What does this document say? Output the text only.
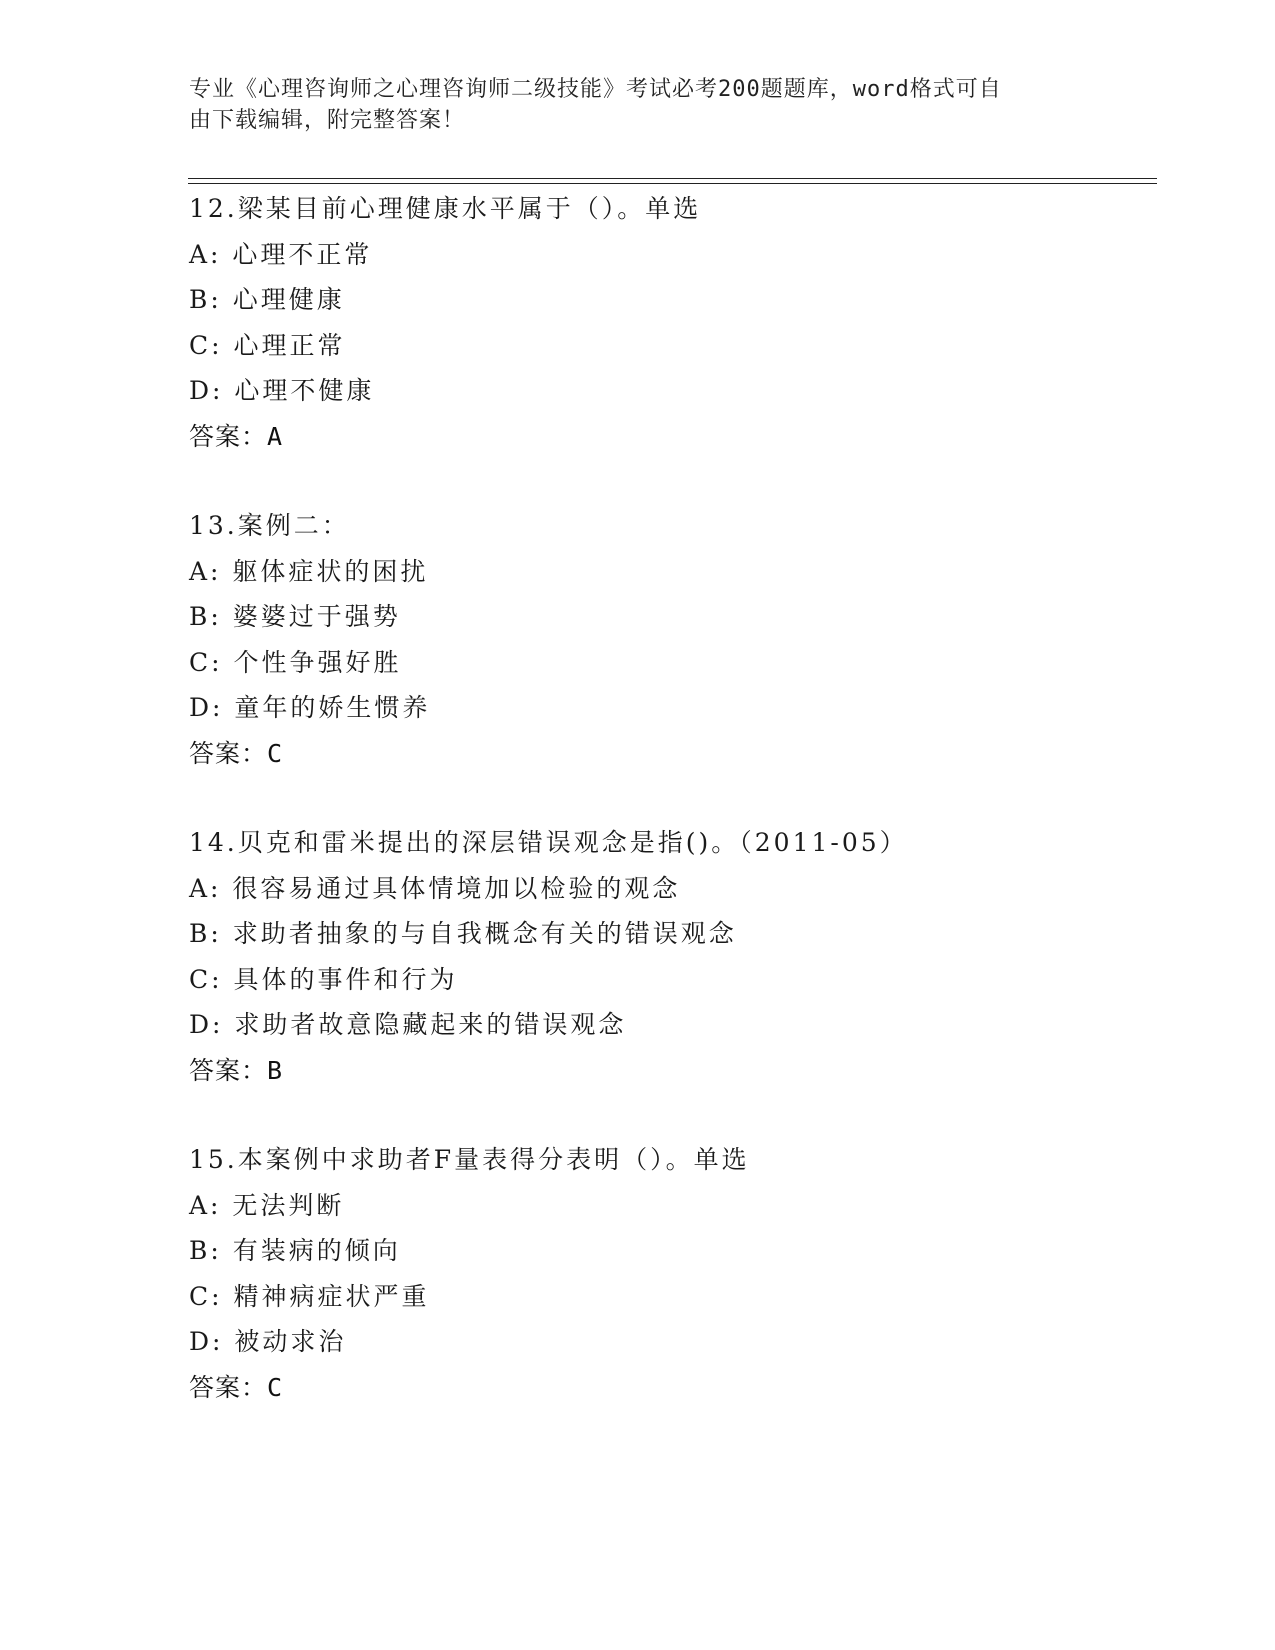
专业《心理咨询师之心理咨询师二级技能》考试必考200题题库，word格式可自
由下载编辑，附完整答案！
12.梁某目前心理健康水平属于（）。单选
A: 心理不正常
B: 心理健康
C: 心理正常
D: 心理不健康
答案：A
13.案例二：
A: 躯体症状的困扰
B: 婆婆过于强势
C: 个性争强好胜
D: 童年的娇生惯养
答案：C
14.贝克和雷米提出的深层错误观念是指()。（2011-05）
A: 很容易通过具体情境加以检验的观念
B: 求助者抽象的与自我概念有关的错误观念
C: 具体的事件和行为
D: 求助者故意隐藏起来的错误观念
答案：B
15.本案例中求助者F量表得分表明（）。单选
A: 无法判断
B: 有装病的倾向
C: 精神病症状严重
D: 被动求治
答案：C
